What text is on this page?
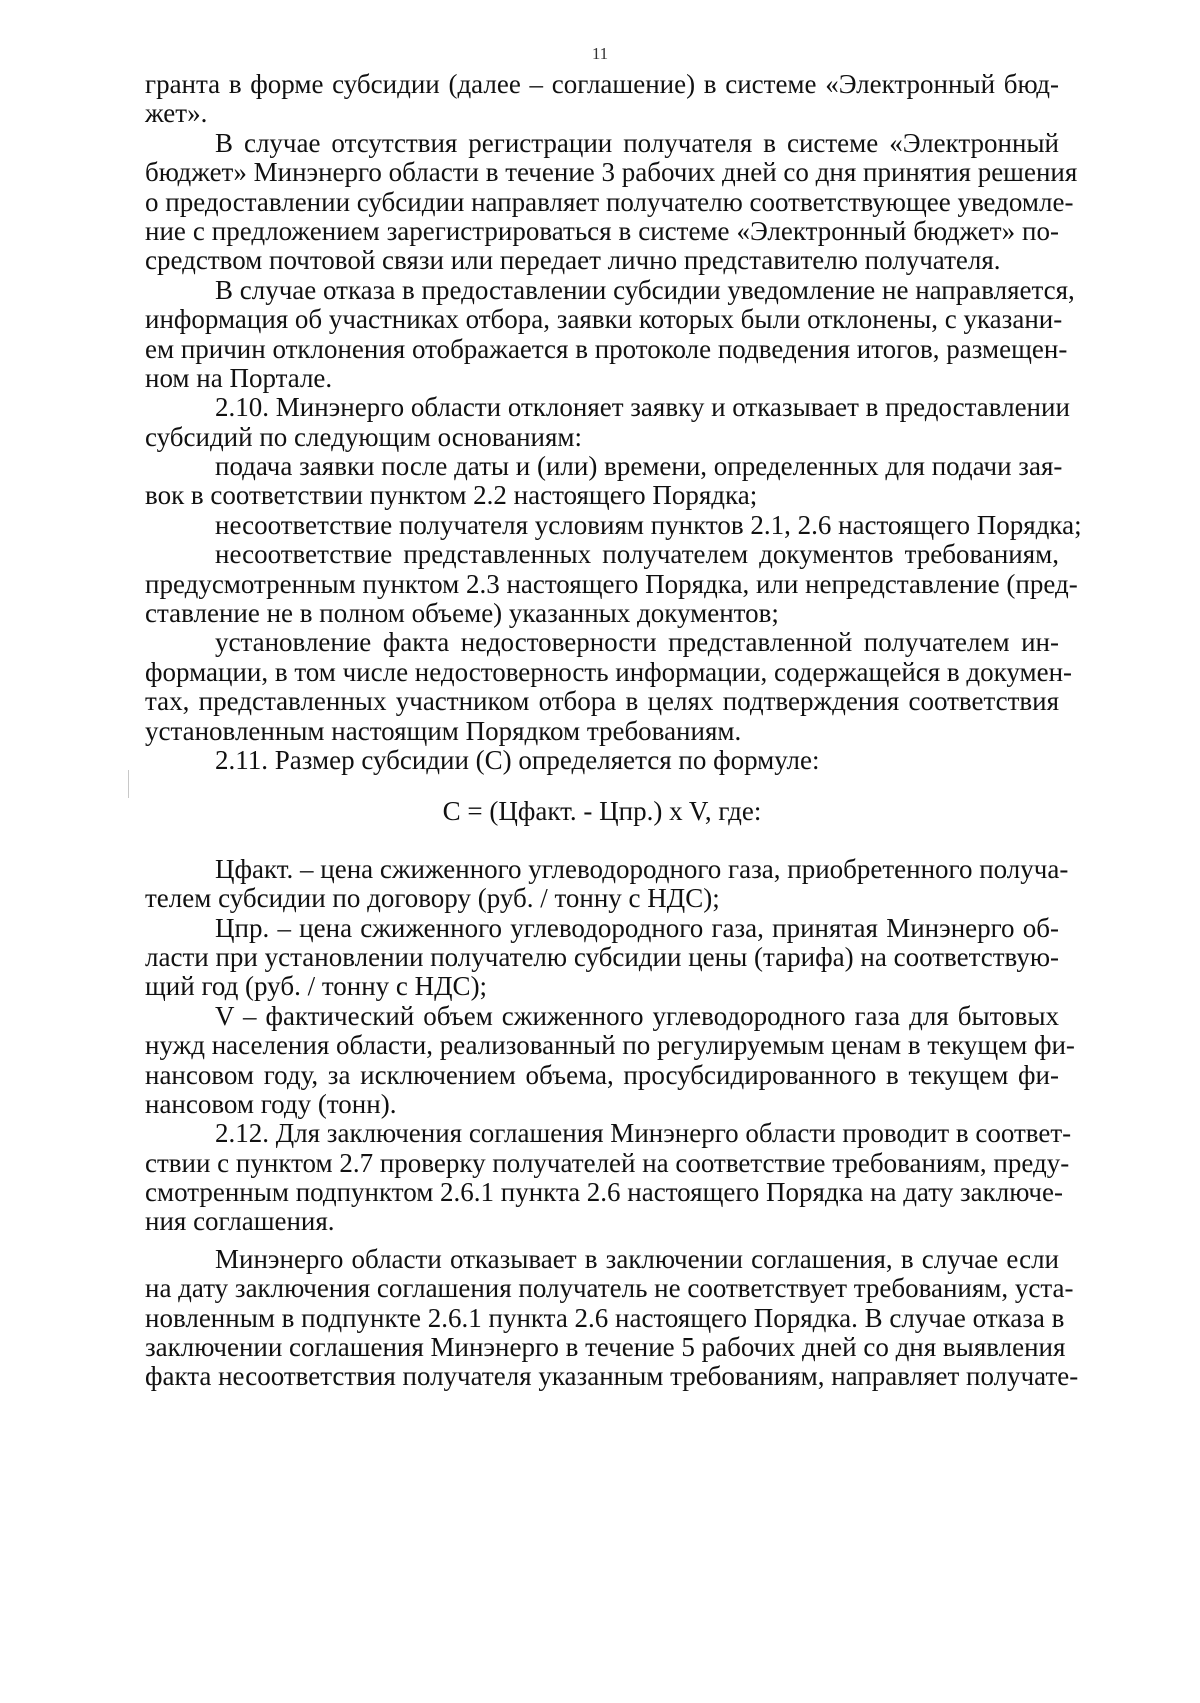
11
гранта в форме субсидии (далее – соглашение) в системе «Электронный бюд-
жет».
В случае отсутствия регистрации получателя в системе «Электронный
бюджет» Минэнерго области в течение 3 рабочих дней со дня принятия решения
о предоставлении субсидии направляет получателю соответствующее уведомле-
ние с предложением зарегистрироваться в системе «Электронный бюджет» по-
средством почтовой связи или передает лично представителю получателя.
В случае отказа в предоставлении субсидии уведомление не направляется,
информация об участниках отбора, заявки которых были отклонены, с указани-
ем причин отклонения отображается в протоколе подведения итогов, размещен-
ном на Портале.
2.10. Минэнерго области отклоняет заявку и отказывает в предоставлении
субсидий по следующим основаниям:
подача заявки после даты и (или) времени, определенных для подачи зая-
вок в соответствии пунктом 2.2 настоящего Порядка;
несоответствие получателя условиям пунктов 2.1, 2.6 настоящего Порядка;
несоответствие представленных получателем документов требованиям,
предусмотренным пунктом 2.3 настоящего Порядка, или непредставление (пред-
ставление не в полном объеме) указанных документов;
установление факта недостоверности представленной получателем ин-
формации, в том числе недостоверность информации, содержащейся в докумен-
тах, представленных участником отбора в целях подтверждения соответствия
установленным настоящим Порядком требованиям.
2.11. Размер субсидии (С) определяется по формуле:
С = (Цфакт. - Цпр.) x V, где:
Цфакт. – цена сжиженного углеводородного газа, приобретенного получа-
телем субсидии по договору (руб. / тонну с НДС);
Цпр. – цена сжиженного углеводородного газа, принятая Минэнерго об-
ласти при установлении получателю субсидии цены (тарифа) на соответствую-
щий год (руб. / тонну с НДС);
V – фактический объем сжиженного углеводородного газа для бытовых
нужд населения области, реализованный по регулируемым ценам в текущем фи-
нансовом году, за исключением объема, просубсидированного в текущем фи-
нансовом году (тонн).
2.12. Для заключения соглашения Минэнерго области проводит в соответ-
ствии с пунктом 2.7 проверку получателей на соответствие требованиям, преду-
смотренным подпунктом 2.6.1 пункта 2.6 настоящего Порядка на дату заключе-
ния соглашения.
Минэнерго области отказывает в заключении соглашения, в случае если
на дату заключения соглашения получатель не соответствует требованиям, уста-
новленным в подпункте 2.6.1 пункта 2.6 настоящего Порядка. В случае отказа в
заключении соглашения Минэнерго в течение 5 рабочих дней со дня выявления
факта несоответствия получателя указанным требованиям, направляет получате-
